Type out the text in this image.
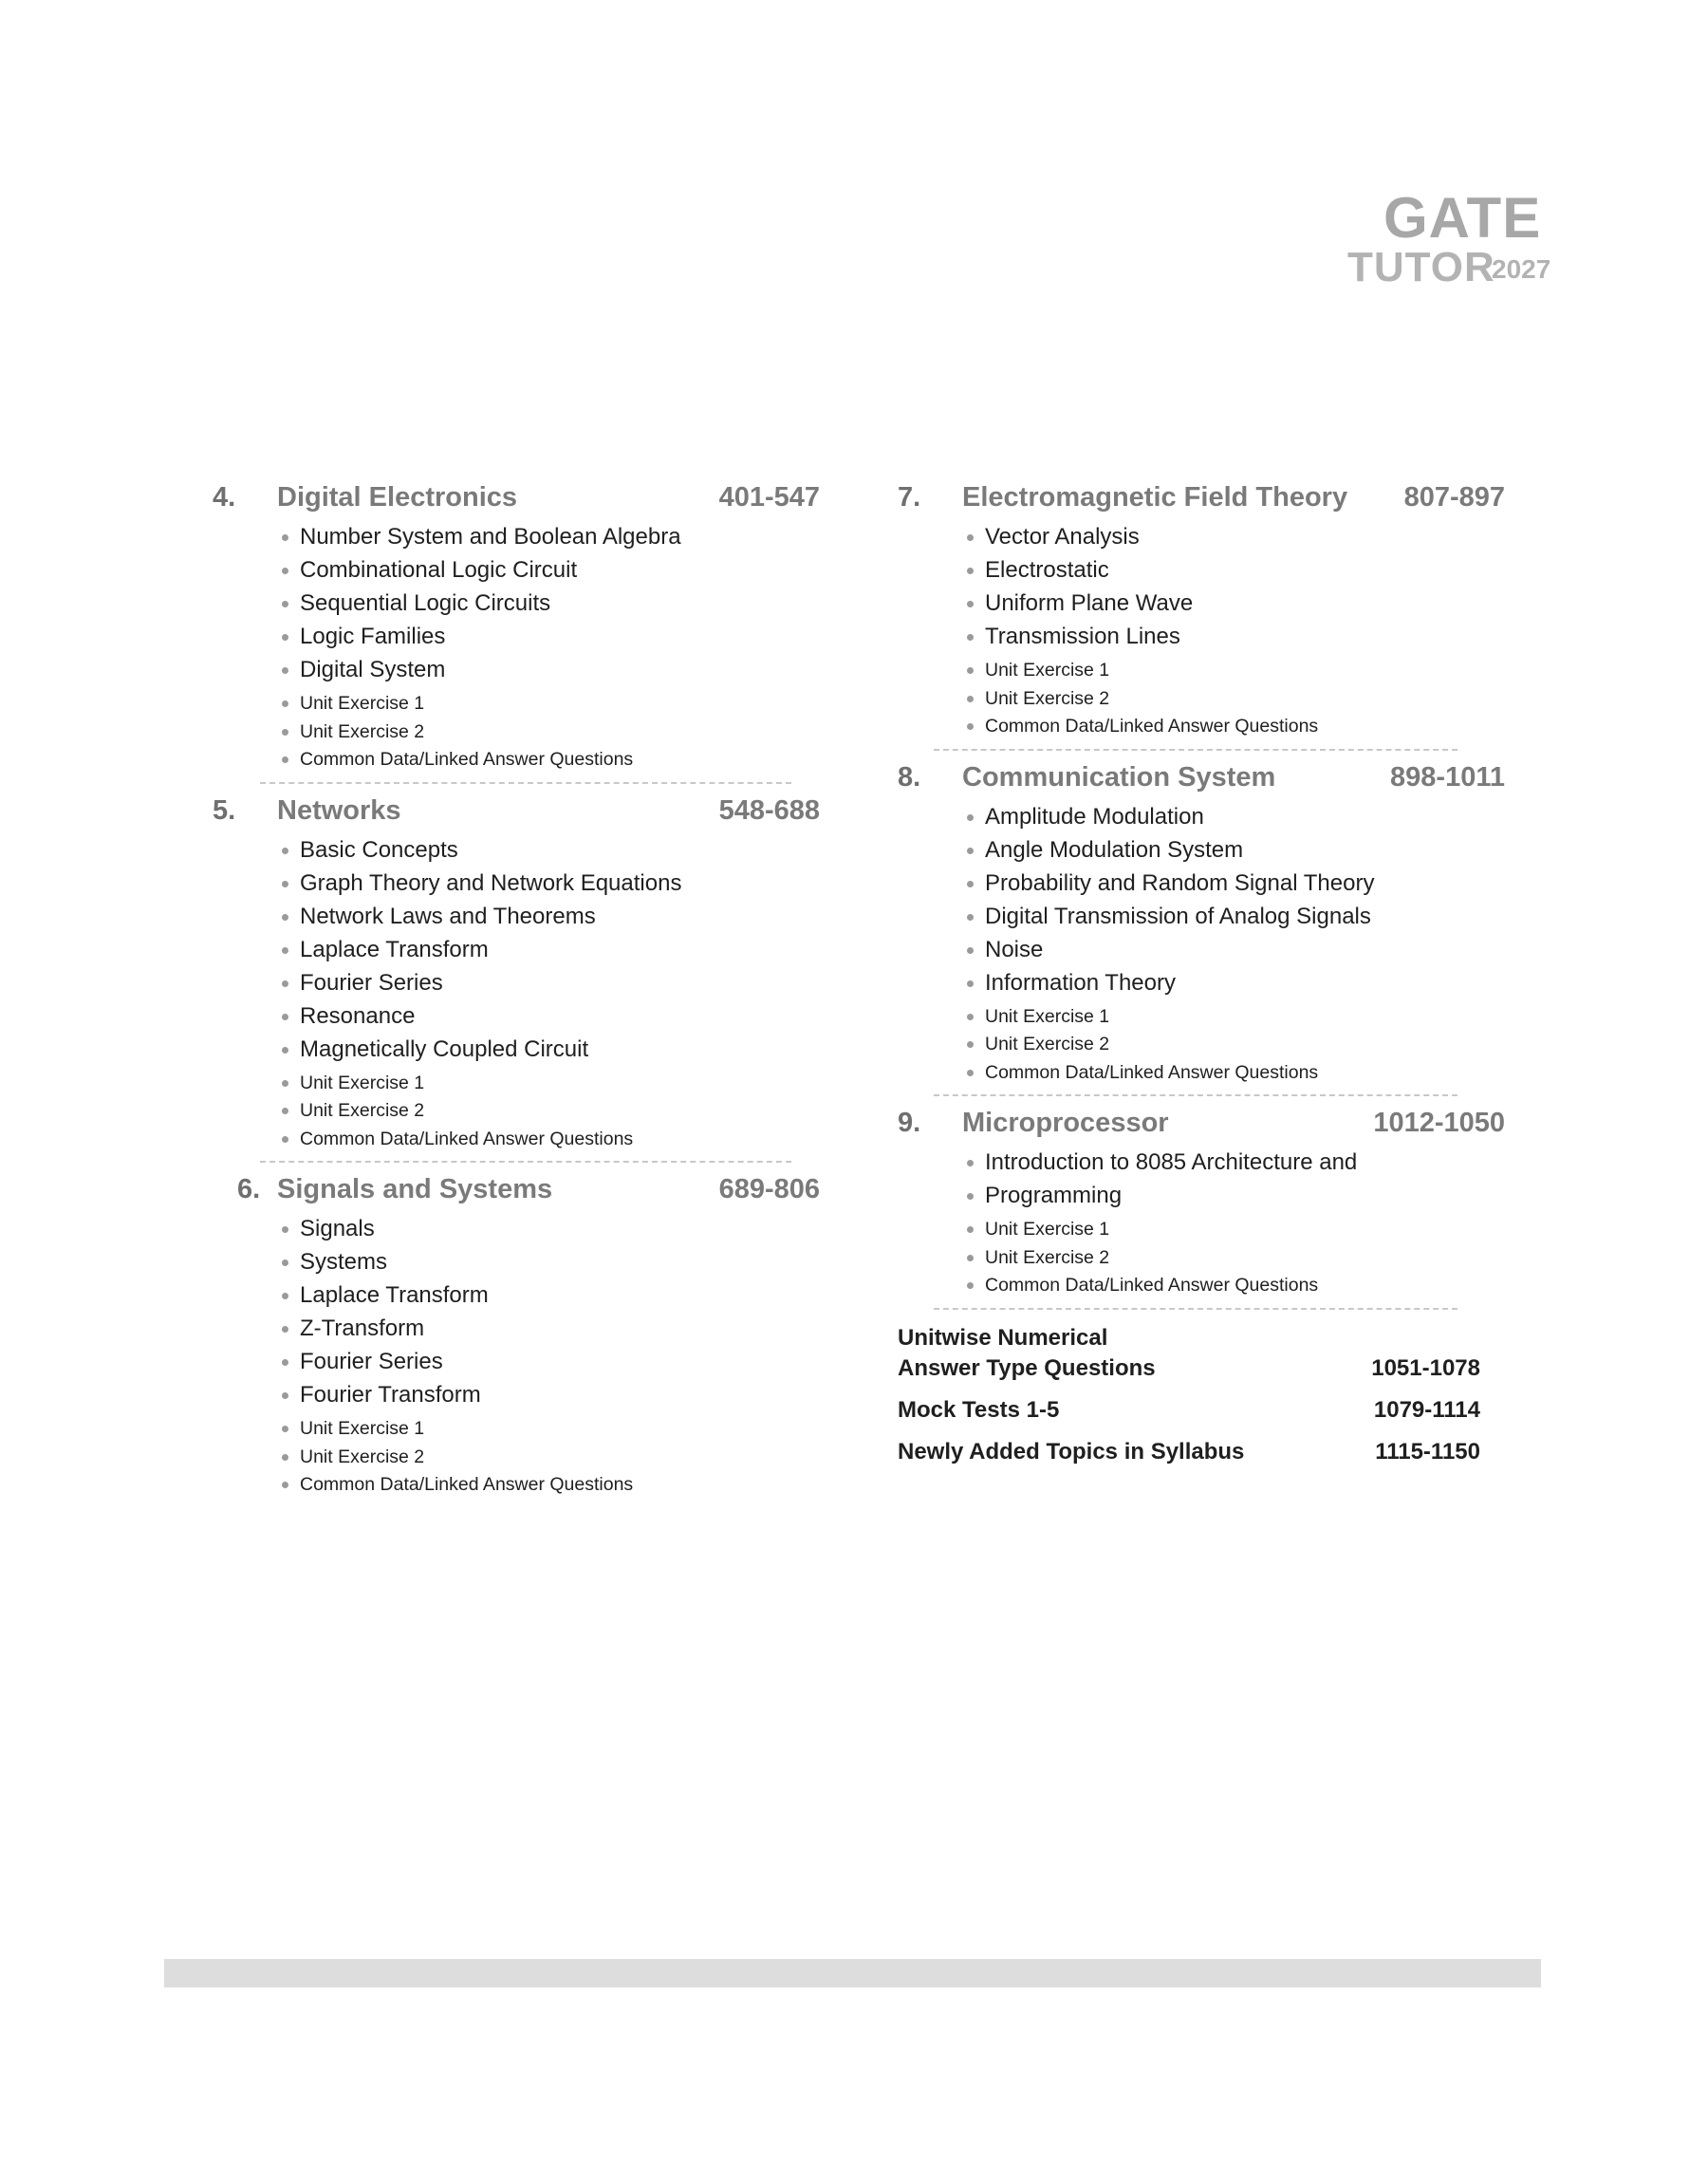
GATE
TUTOR
2027
4.	Digital Electronics	401-547
Number System and Boolean Algebra
Combinational Logic Circuit
Sequential Logic Circuits
Logic Families
Digital System
Unit Exercise 1
Unit Exercise 2
Common Data/Linked Answer Questions
5.	Networks	548-688
Basic Concepts
Graph Theory and Network Equations
Network Laws and Theorems
Laplace Transform
Fourier Series
Resonance
Magnetically Coupled Circuit
Unit Exercise 1
Unit Exercise 2
Common Data/Linked Answer Questions
6. Signals and Systems	689-806
Signals
Systems
Laplace Transform
Z-Transform
Fourier Series
Fourier Transform
Unit Exercise 1
Unit Exercise 2
Common Data/Linked Answer Questions
7.	Electromagnetic Field Theory	807-897
Vector Analysis
Electrostatic
Uniform Plane Wave
Transmission Lines
Unit Exercise 1
Unit Exercise 2
Common Data/Linked Answer Questions
8.	Communication System	898-1011
Amplitude Modulation
Angle Modulation System
Probability and Random Signal Theory
Digital Transmission of Analog Signals
Noise
Information Theory
Unit Exercise 1
Unit Exercise 2
Common Data/Linked Answer Questions
9.	Microprocessor	1012-1050
Introduction to 8085 Architecture and
Programming
Unit Exercise 1
Unit Exercise 2
Common Data/Linked Answer Questions
Unitwise Numerical
Answer Type Questions	1051-1078
Mock Tests 1-5	1079-1114
Newly Added Topics in Syllabus	1115-1150
